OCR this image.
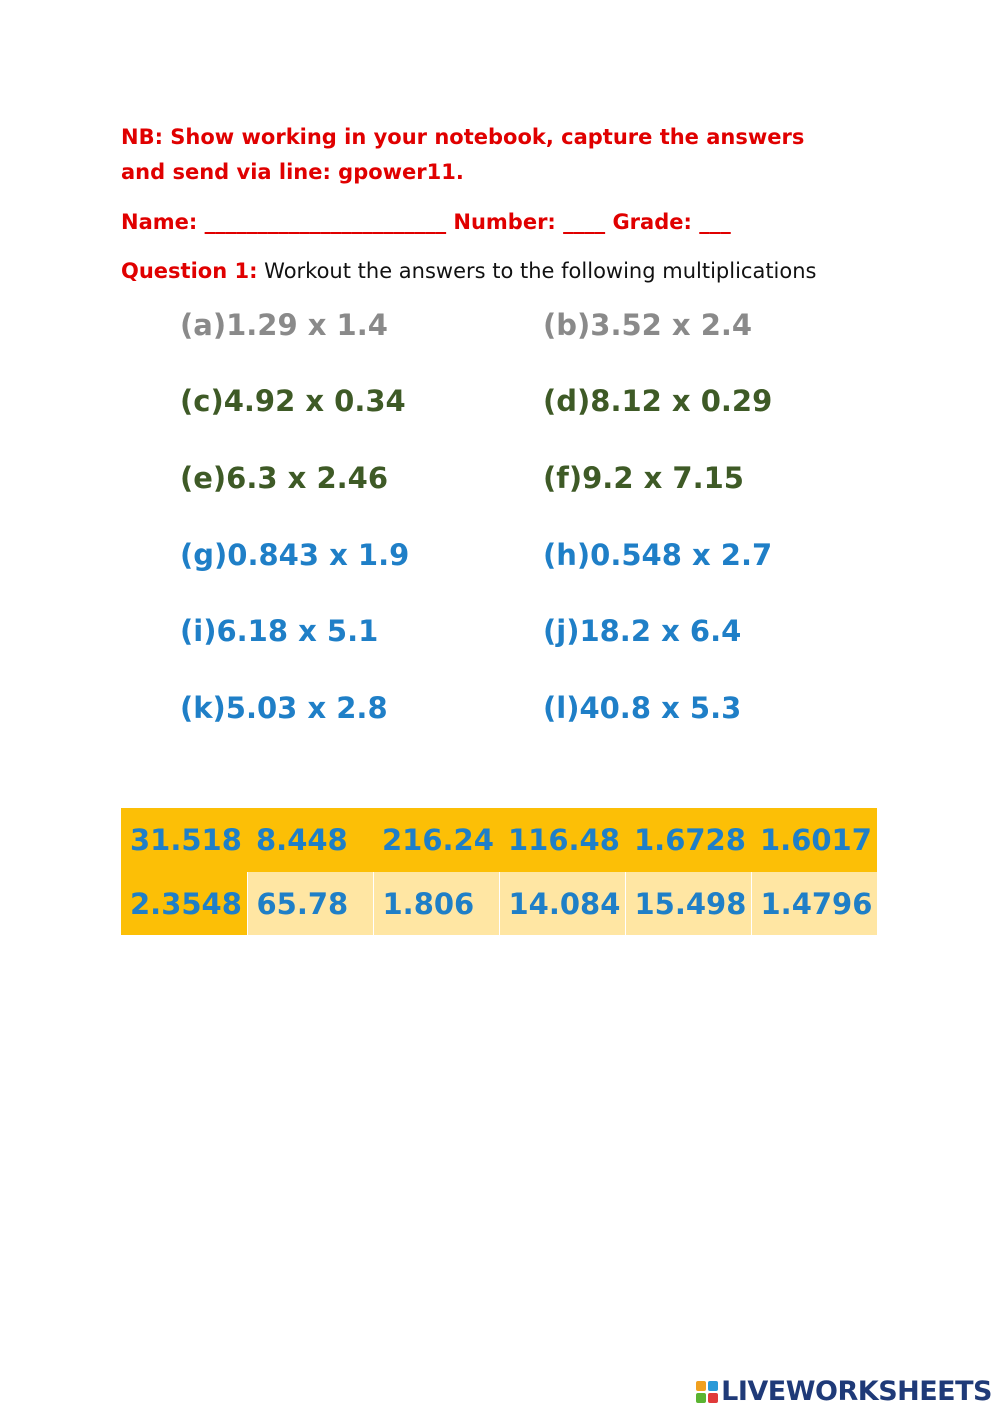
NB: Show working in your notebook, capture the answers and send via line: gpower11.
Name: _______________________ Number: ____ Grade: ___
Question 1: Workout the answers to the following multiplications
(a)1.29 x 1.4	(b)3.52 x 2.4
(c)4.92 x 0.34	(d)8.12 x 0.29
(e)6.3 x 2.46	(f)9.2 x 7.15
(g)0.843 x 1.9	(h)0.548 x 2.7
(i)6.18 x 5.1	(j)18.2 x 6.4
(k)5.03 x 2.8	(l)40.8 x 5.3
31.518	8.448	216.24	116.48	1.6728	1.6017
2.3548	65.78	1.806	14.084	15.498	1.4796
LIVEWORKSHEETS
